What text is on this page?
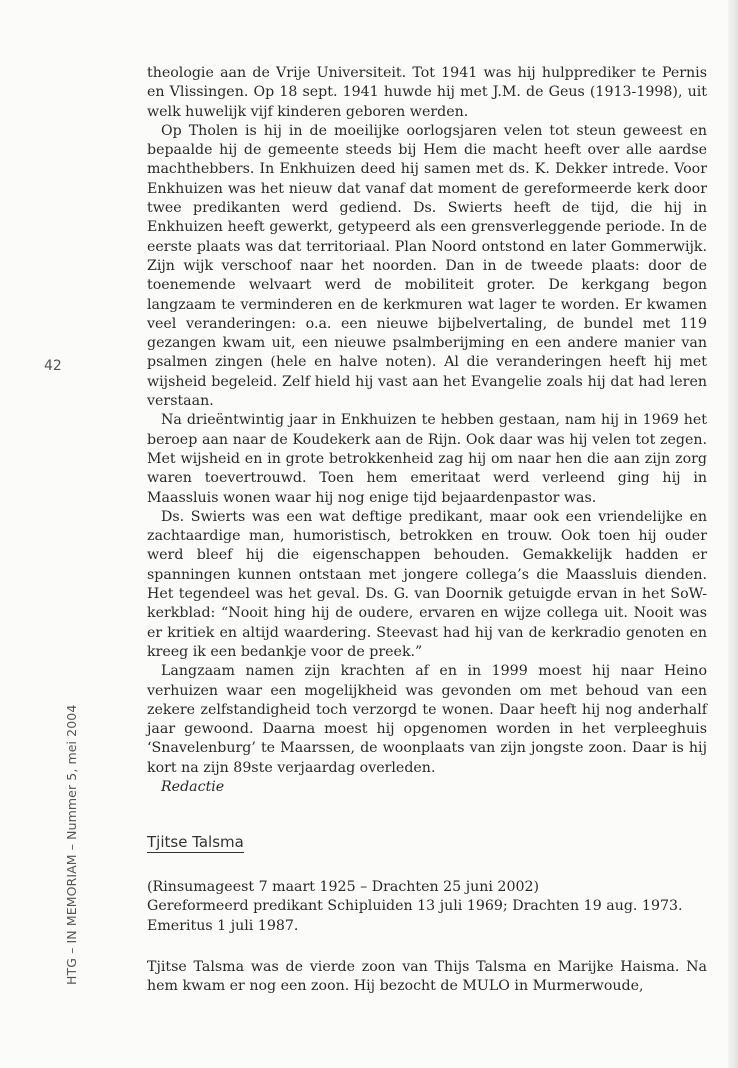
42
HTG – IN MEMORIAM – Nummer 5, mei 2004

theologie aan de Vrije Universiteit. Tot 1941 was hij hulpprediker te Pernis en Vlissingen. Op 18 sept. 1941 huwde hij met J.M. de Geus (1913-1998), uit welk huwelijk vijf kinderen geboren werden.

Op Tholen is hij in de moeilijke oorlogsjaren velen tot steun geweest en bepaalde hij de gemeente steeds bij Hem die macht heeft over alle aardse machthebbers. In Enkhuizen deed hij samen met ds. K. Dekker intrede. Voor Enkhuizen was het nieuw dat vanaf dat moment de gereformeerde kerk door twee predikanten werd gediend. Ds. Swierts heeft de tijd, die hij in Enkhuizen heeft gewerkt, getypeerd als een grensverleggende periode. In de eerste plaats was dat territoriaal. Plan Noord ontstond en later Gommerwijk. Zijn wijk verschoof naar het noorden. Dan in de tweede plaats: door de toenemende welvaart werd de mobiliteit groter. De kerkgang begon langzaam te verminderen en de kerkmuren wat lager te worden. Er kwamen veel veranderingen: o.a. een nieuwe bijbelvertaling, de bundel met 119 gezangen kwam uit, een nieuwe psalmberijming en een andere manier van psalmen zingen (hele en halve noten). Al die veranderingen heeft hij met wijsheid begeleid. Zelf hield hij vast aan het Evangelie zoals hij dat had leren verstaan.

Na drieëntwintig jaar in Enkhuizen te hebben gestaan, nam hij in 1969 het beroep aan naar de Koudekerk aan de Rijn. Ook daar was hij velen tot zegen. Met wijsheid en in grote betrokkenheid zag hij om naar hen die aan zijn zorg waren toevertrouwd. Toen hem emeritaat werd verleend ging hij in Maassluis wonen waar hij nog enige tijd bejaardenpastor was.

Ds. Swierts was een wat deftige predikant, maar ook een vriendelijke en zachtaardige man, humoristisch, betrokken en trouw. Ook toen hij ouder werd bleef hij die eigenschappen behouden. Gemakkelijk hadden er spanningen kunnen ontstaan met jongere collega’s die Maassluis dienden. Het tegendeel was het geval. Ds. G. van Doornik getuigde ervan in het SoW-kerkblad: “Nooit hing hij de oudere, ervaren en wijze collega uit. Nooit was er kritiek en altijd waardering. Steevast had hij van de kerkradio genoten en kreeg ik een bedankje voor de preek.”

Langzaam namen zijn krachten af en in 1999 moest hij naar Heino verhuizen waar een mogelijkheid was gevonden om met behoud van een zekere zelfstandigheid toch verzorgd te wonen. Daar heeft hij nog anderhalf jaar gewoond. Daarna moest hij opgenomen worden in het verpleeghuis ‘Snavelenburg’ te Maarssen, de woonplaats van zijn jongste zoon. Daar is hij kort na zijn 89ste verjaardag overleden.

Redactie

Tjitse Talsma

(Rinsumageest 7 maart 1925 – Drachten 25 juni 2002)

Gereformeerd predikant Schipluiden 13 juli 1969; Drachten 19 aug. 1973.

Emeritus 1 juli 1987.

Tjitse Talsma was de vierde zoon van Thijs Talsma en Marijke Haisma. Na hem kwam er nog een zoon. Hij bezocht de MULO in Murmerwoude,
